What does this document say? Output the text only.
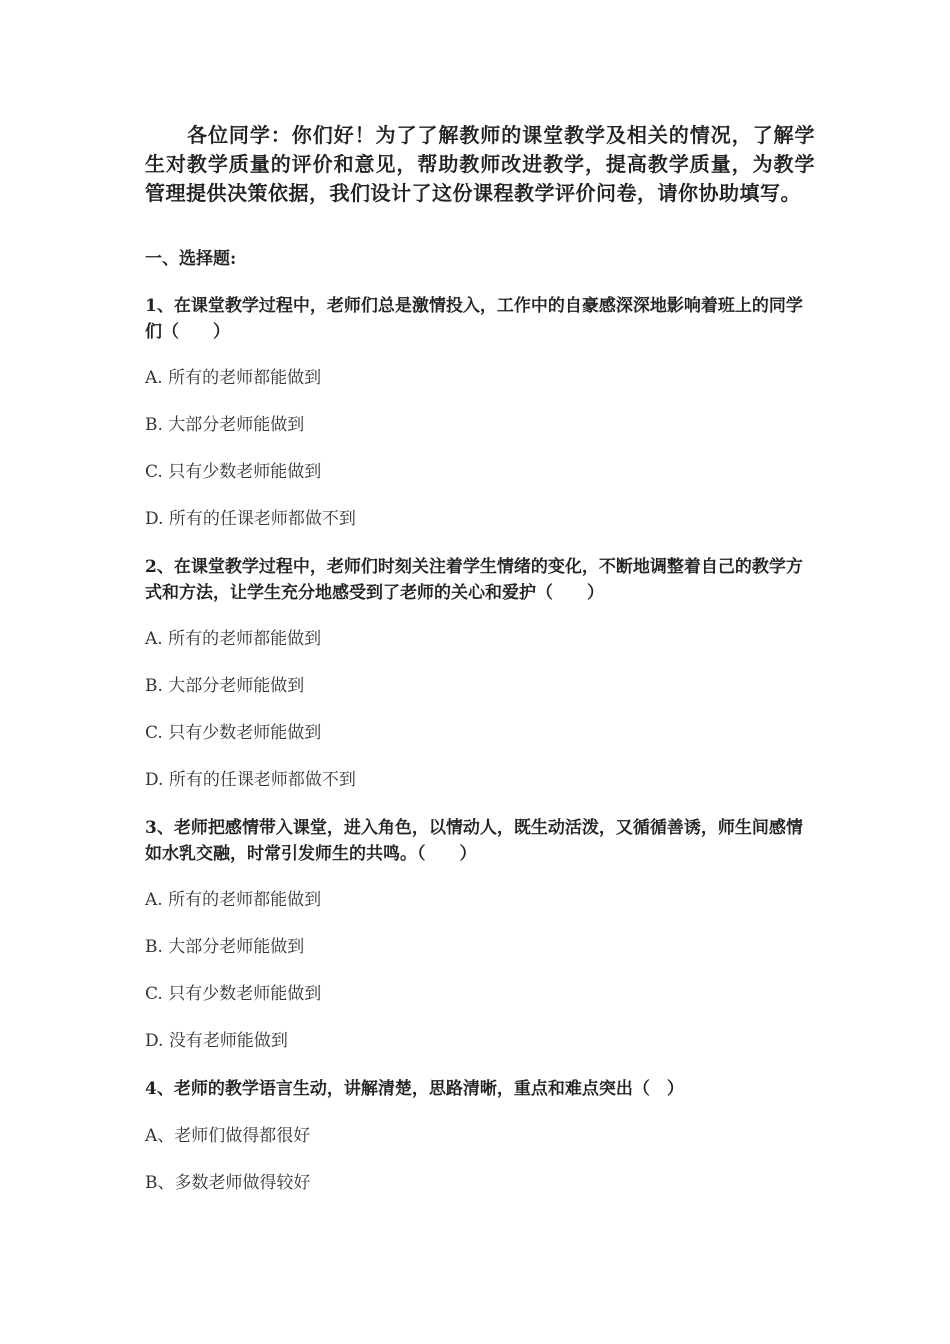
各位同学：你们好！为了了解教师的课堂教学及相关的情况，了解学生对教学质量的评价和意见，帮助教师改进教学，提高教学质量，为教学管理提供决策依据，我们设计了这份课程教学评价问卷，请你协助填写。

一、选择题:
1、在课堂教学过程中，老师们总是激情投入，工作中的自豪感深深地影响着班上的同学们（　　）
A. 所有的老师都能做到
B. 大部分老师能做到
C. 只有少数老师能做到
D. 所有的任课老师都做不到
2、在课堂教学过程中，老师们时刻关注着学生情绪的变化，不断地调整着自己的教学方式和方法，让学生充分地感受到了老师的关心和爱护（　　）
A. 所有的老师都能做到
B. 大部分老师能做到
C. 只有少数老师能做到
D. 所有的任课老师都做不到
3、老师把感情带入课堂，进入角色，以情动人，既生动活泼，又循循善诱，师生间感情如水乳交融，时常引发师生的共鸣。（　　）
A. 所有的老师都能做到
B. 大部分老师能做到
C. 只有少数老师能做到
D. 没有老师能做到
4、老师的教学语言生动，讲解清楚，思路清晰，重点和难点突出（　）
A、老师们做得都很好
B、多数老师做得较好
